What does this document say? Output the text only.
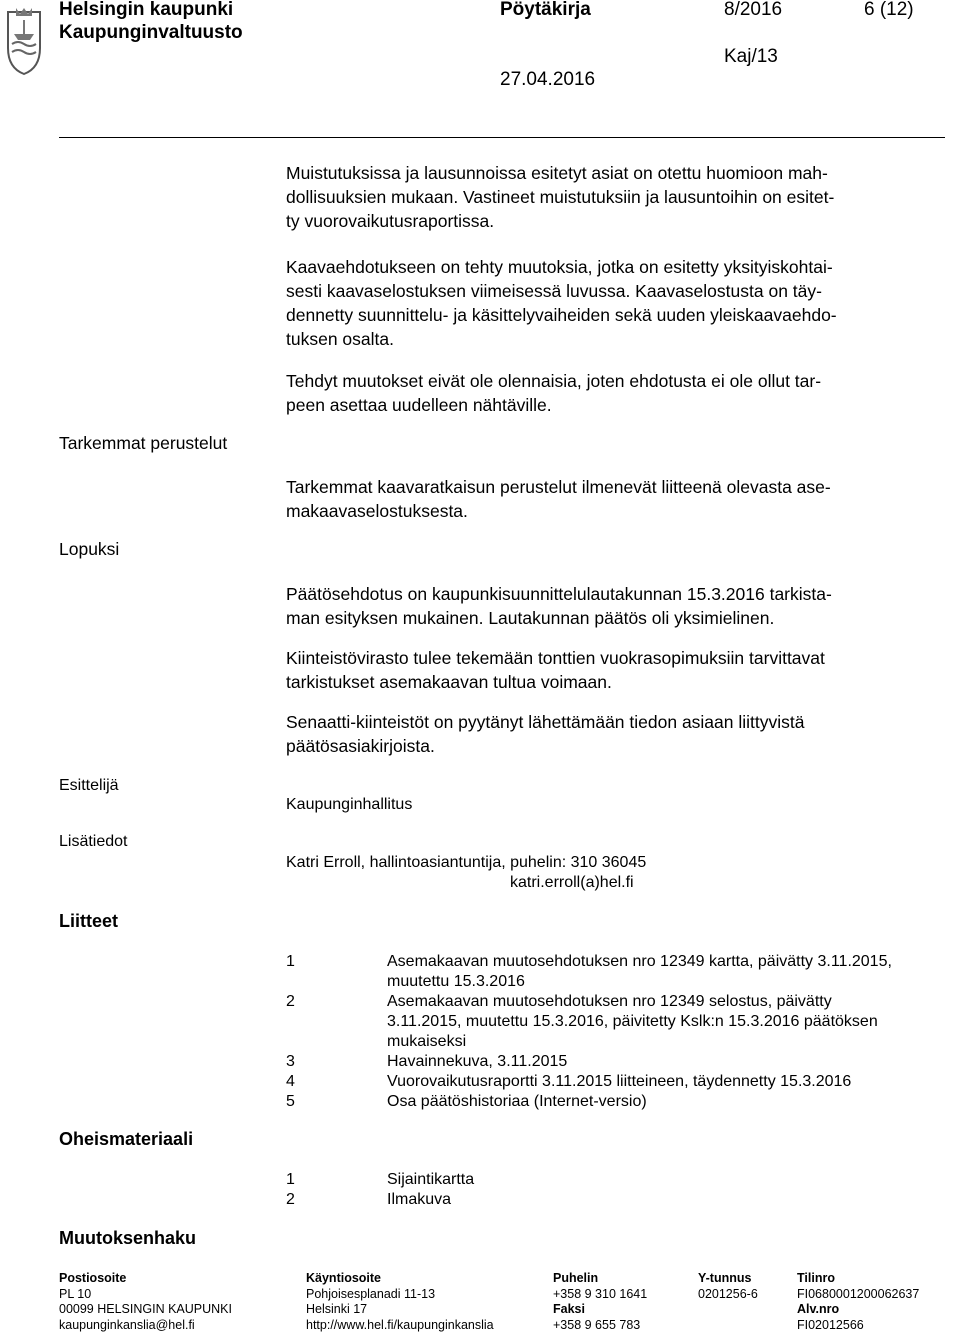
Helsingin kaupunki
Kaupunginvaltuusto
Pöytäkirja	8/2016	6 (12)
Kaj/13
27.04.2016
Muistutuksissa ja lausunnoissa esitetyt asiat on otettu huomioon mah-
dollisuuksien mukaan. Vastineet muistutuksiin ja lausuntoihin on esitet-
ty vuorovaikutusraportissa.
Kaavaehdotukseen on tehty muutoksia, jotka on esitetty yksityiskohtai-
sesti kaavaselostuksen viimeisessä luvussa. Kaavaselostusta on täy-
dennetty suunnittelu- ja käsittelyvaiheiden sekä uuden yleiskaavaehdo-
tuksen osalta.
Tehdyt muutokset eivät ole olennaisia, joten ehdotusta ei ole ollut tar-
peen asettaa uudelleen nähtäville.
Tarkemmat perustelut
Tarkemmat kaavaratkaisun perustelut ilmenevät liitteenä olevasta ase-
makaavaselostuksesta.
Lopuksi
Päätösehdotus on kaupunkisuunnittelulautakunnan 15.3.2016 tarkista-
man esityksen mukainen. Lautakunnan päätös oli yksimielinen.
Kiinteistövirasto tulee tekemään tonttien vuokrasopimuksiin tarvittavat
tarkistukset asemakaavan tultua voimaan.
Senaatti-kiinteistöt on pyytänyt lähettämään tiedon asiaan liittyvistä
päätösasiakirjoista.
Esittelijä
Kaupunginhallitus
Lisätiedot
Katri Erroll, hallintoasiantuntija, puhelin: 310 36045
katri.erroll(a)hel.fi
Liitteet
1	Asemakaavan muutosehdotuksen nro 12349 kartta, päivätty 3.11.2015,
muutettu 15.3.2016

2	Asemakaavan muutosehdotuksen nro 12349 selostus, päivätty
3.11.2015, muutettu 15.3.2016, päivitetty Kslk:n 15.3.2016 päätöksen
mukaiseksi

3	Havainnekuva, 3.11.2015
4	Vuorovaikutusraportti 3.11.2015 liitteineen, täydennetty 15.3.2016
5	Osa päätöshistoriaa (Internet-versio)
Oheismateriaali
1	Sijaintikartta
2	Ilmakuva
Muutoksenhaku
Postiosoite
PL 10
00099 HELSINGIN KAUPUNKI
kaupunginkanslia@hel.fi
Käyntiosoite
Pohjoisesplanadi 11-13
Helsinki 17
http://www.hel.fi/kaupunginkanslia
Puhelin
+358 9 310 1641
Faksi
+358 9 655 783
Y-tunnus
0201256-6
Tilinro
FI0680001200062637
Alv.nro
FI02012566
